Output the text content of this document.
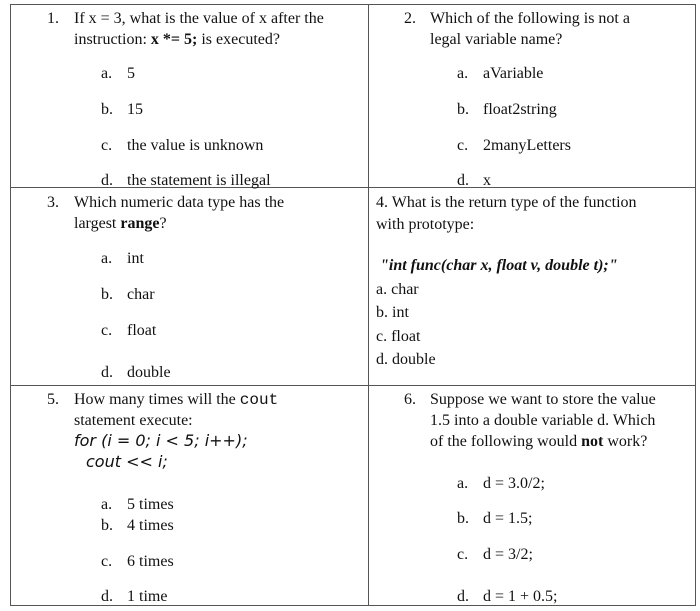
1. If x = 3, what is the value of x after the
instruction: x *= 5; is executed?
a. 5
b. 15
c. the value is unknown
d. the statement is illegal
2. Which of the following is not a
legal variable name?
a. aVariable
b. float2string
c. 2manyLetters
d. x
3. Which numeric data type has the
largest range?
a. int
b. char
c. float
d. double
4. What is the return type of the function
with prototype:
"int func(char x, float v, double t);"
a. char
b. int
c. float
d. double
5. How many times will the cout
statement execute:
for (i = 0; i < 5; i++);
cout << i;
a. 5 times
b. 4 times
c. 6 times
d. 1 time
6. Suppose we want to store the value
1.5 into a double variable d. Which
of the following would not work?
a. d = 3.0/2;
b. d = 1.5;
c. d = 3/2;
d. d = 1 + 0.5;
